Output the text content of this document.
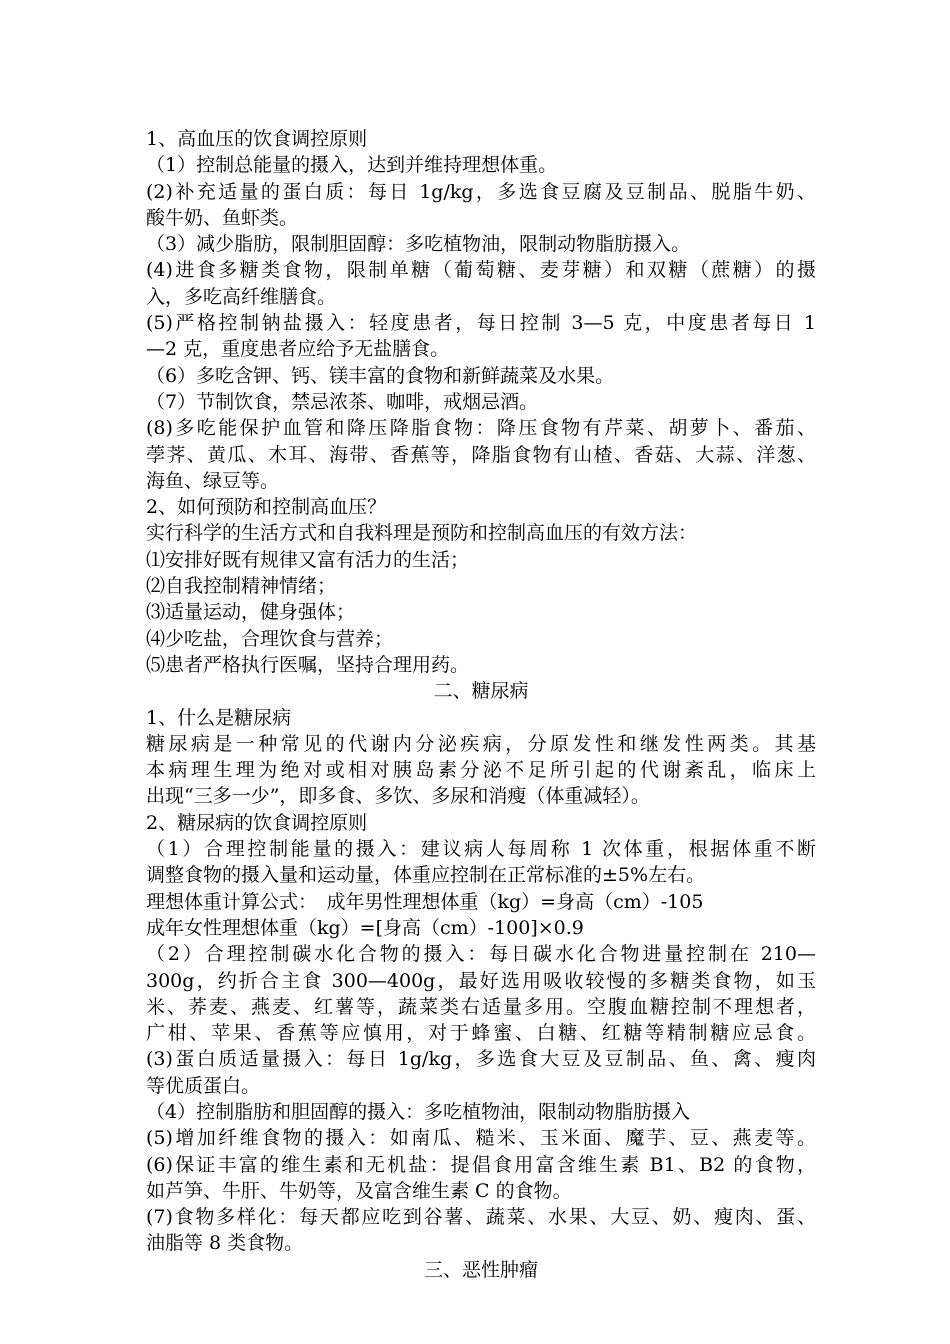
1、高血压的饮食调控原则
（1）控制总能量的摄入，达到并维持理想体重。
(2)补充适量的蛋白质：每日 1g/kg，多选食豆腐及豆制品、脱脂牛奶、
酸牛奶、鱼虾类。
（3）减少脂肪，限制胆固醇：多吃植物油，限制动物脂肪摄入。
(4)进食多糖类食物，限制单糖（葡萄糖、麦芽糖）和双糖（蔗糖）的摄
入，多吃高纤维膳食。
(5)严格控制钠盐摄入：轻度患者，每日控制 3—5 克，中度患者每日 1
—2 克，重度患者应给予无盐膳食。
（6）多吃含钾、钙、镁丰富的食物和新鲜蔬菜及水果。
（7）节制饮食，禁忌浓茶、咖啡，戒烟忌酒。
(8)多吃能保护血管和降压降脂食物：降压食物有芹菜、胡萝卜、番茄、
荸荠、黄瓜、木耳、海带、香蕉等，降脂食物有山楂、香菇、大蒜、洋葱、
海鱼、绿豆等。
2、如何预防和控制高血压？
实行科学的生活方式和自我料理是预防和控制高血压的有效方法：
⑴安排好既有规律又富有活力的生活；
⑵自我控制精神情绪；
⑶适量运动，健身强体；
⑷少吃盐，合理饮食与营养；
⑸患者严格执行医嘱，坚持合理用药。
二、糖尿病
1、什么是糖尿病
糖尿病是一种常见的代谢内分泌疾病，分原发性和继发性两类。其基
本病理生理为绝对或相对胰岛素分泌不足所引起的代谢紊乱，临床上
出现“三多一少”，即多食、多饮、多尿和消瘦（体重减轻）。
2、糖尿病的饮食调控原则
（1）合理控制能量的摄入：建议病人每周称 1 次体重，根据体重不断
调整食物的摄入量和运动量，体重应控制在正常标准的±5%左右。
理想体重计算公式：　成年男性理想体重（kg）=身高（cm）-105
成年女性理想体重（kg）=[身高（cm）-100]×0.9
（2）合理控制碳水化合物的摄入：每日碳水化合物进量控制在 210—
300g，约折合主食 300—400g，最好选用吸收较慢的多糖类食物，如玉
米、荞麦、燕麦、红薯等，蔬菜类右适量多用。空腹血糖控制不理想者，
广柑、苹果、香蕉等应慎用，对于蜂蜜、白糖、红糖等精制糖应忌食。
(3)蛋白质适量摄入：每日 1g/kg，多选食大豆及豆制品、鱼、禽、瘦肉
等优质蛋白。
（4）控制脂肪和胆固醇的摄入：多吃植物油，限制动物脂肪摄入
(5)增加纤维食物的摄入：如南瓜、糙米、玉米面、魔芋、豆、燕麦等。
(6)保证丰富的维生素和无机盐：提倡食用富含维生素 B1、B2 的食物，
如芦笋、牛肝、牛奶等，及富含维生素 C 的食物。
(7)食物多样化：每天都应吃到谷薯、蔬菜、水果、大豆、奶、瘦肉、蛋、
油脂等 8 类食物。
三、恶性肿瘤
